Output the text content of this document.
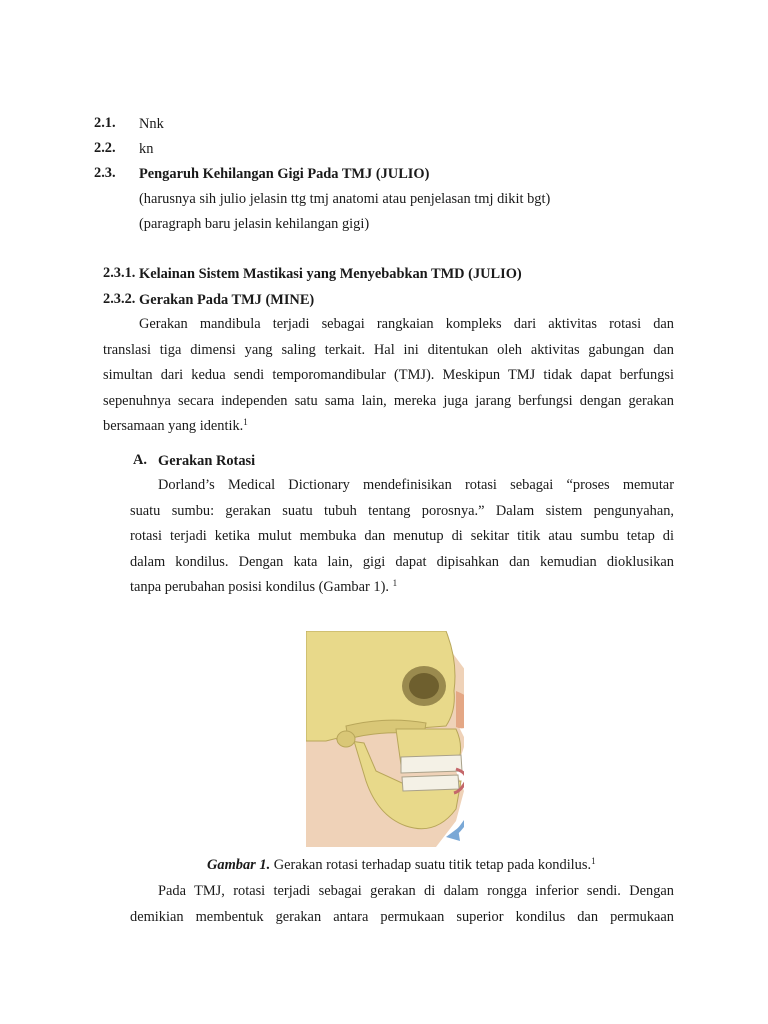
2.1. Nnk
2.2. kn
2.3. Pengaruh Kehilangan Gigi Pada TMJ (JULIO)
(harusnya sih julio jelasin ttg tmj anatomi atau penjelasan tmj dikit bgt)
(paragraph baru jelasin kehilangan gigi)
2.3.1. Kelainan Sistem Mastikasi yang Menyebabkan TMD (JULIO)
2.3.2. Gerakan Pada TMJ (MINE)
Gerakan mandibula terjadi sebagai rangkaian kompleks dari aktivitas rotasi dan
translasi tiga dimensi yang saling terkait. Hal ini ditentukan oleh aktivitas gabungan dan
simultan dari kedua sendi temporomandibular (TMJ). Meskipun TMJ tidak dapat berfungsi
sepenuhnya secara independen satu sama lain, mereka juga jarang berfungsi dengan gerakan
bersamaan yang identik.$^1$
A. Gerakan Rotasi
Dorland’s Medical Dictionary mendefinisikan rotasi sebagai “proses memutar
suatu sumbu: gerakan suatu tubuh tentang porosnya.” Dalam sistem pengunyahan,
rotasi terjadi ketika mulut membuka dan menutup di sekitar titik atau sumbu tetap di
dalam kondilus. Dengan kata lain, gigi dapat dipisahkan dan kemudian dioklusikan
tanpa perubahan posisi kondilus (Gambar 1). $^1$
Gambar 1. Gerakan rotasi terhadap suatu titik tetap pada kondilus.$^1$
Pada TMJ, rotasi terjadi sebagai gerakan di dalam rongga inferior sendi. Dengan
demikian membentuk gerakan antara permukaan superior kondilus dan permukaan
